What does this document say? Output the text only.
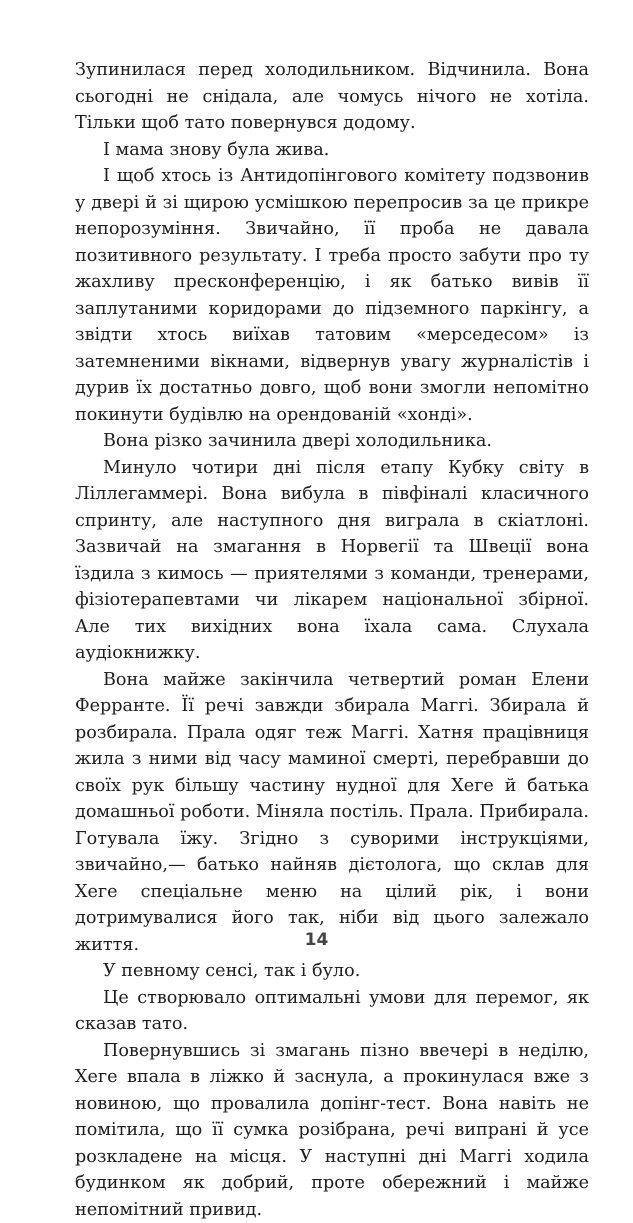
Зупинилася перед холодильником. Відчинила. Вона сьогодні не снідала, але чомусь нічого не хотіла. Тільки щоб тато повернувся додому.

І мама знову була жива.

І щоб хтось із Антидопінгового комітету подзвонив у двері й зі щирою усмішкою перепросив за це прикре непорозуміння. Звичайно, її проба не давала позитивного результату. І треба просто забути про ту жахливу пресконференцію, і як батько вивів її заплутаними коридорами до підземного паркінгу, а звідти хтось виїхав татовим «мерседесом» із затемненими вікнами, відвернув увагу журналістів і дурив їх достатньо довго, щоб вони змогли непомітно покинути будівлю на орендованій «хонді».

Вона різко зачинила двері холодильника.

Минуло чотири дні після етапу Кубку світу в Ліллегаммері. Вона вибула в півфіналі класичного спринту, але наступного дня виграла в скіатлоні. Зазвичай на змагання в Норвегії та Швеції вона їздила з кимось — приятелями з команди, тренерами, фізіотерапевтами чи лікарем національної збірної. Але тих вихідних вона їхала сама. Слухала аудіокнижку.

Вона майже закінчила четвертий роман Елени Ферранте. Її речі завжди збирала Маггі. Збирала й розбирала. Прала одяг теж Маггі. Хатня працівниця жила з ними від часу маминої смерті, перебравши до своїх рук більшу частину нудної для Хеге й батька домашньої роботи. Міняла постіль. Прала. Прибирала. Готувала їжу. Згідно з суворими інструкціями, звичайно,— батько найняв дієтолога, що склав для Хеге спеціальне меню на цілий рік, і вони дотримувалися його так, ніби від цього залежало життя.

У певному сенсі, так і було.

Це створювало оптимальні умови для перемог, як сказав тато.

Повернувшись зі змагань пізно ввечері в неділю, Хеге впала в ліжко й заснула, а прокинулася вже з новиною, що провалила допінг-тест. Вона навіть не помітила, що її сумка розібрана, речі випрані й усе розкладене на місця. У наступні дні Маггі ходила будинком як добрий, проте обережний і майже непомітний привид.

14
